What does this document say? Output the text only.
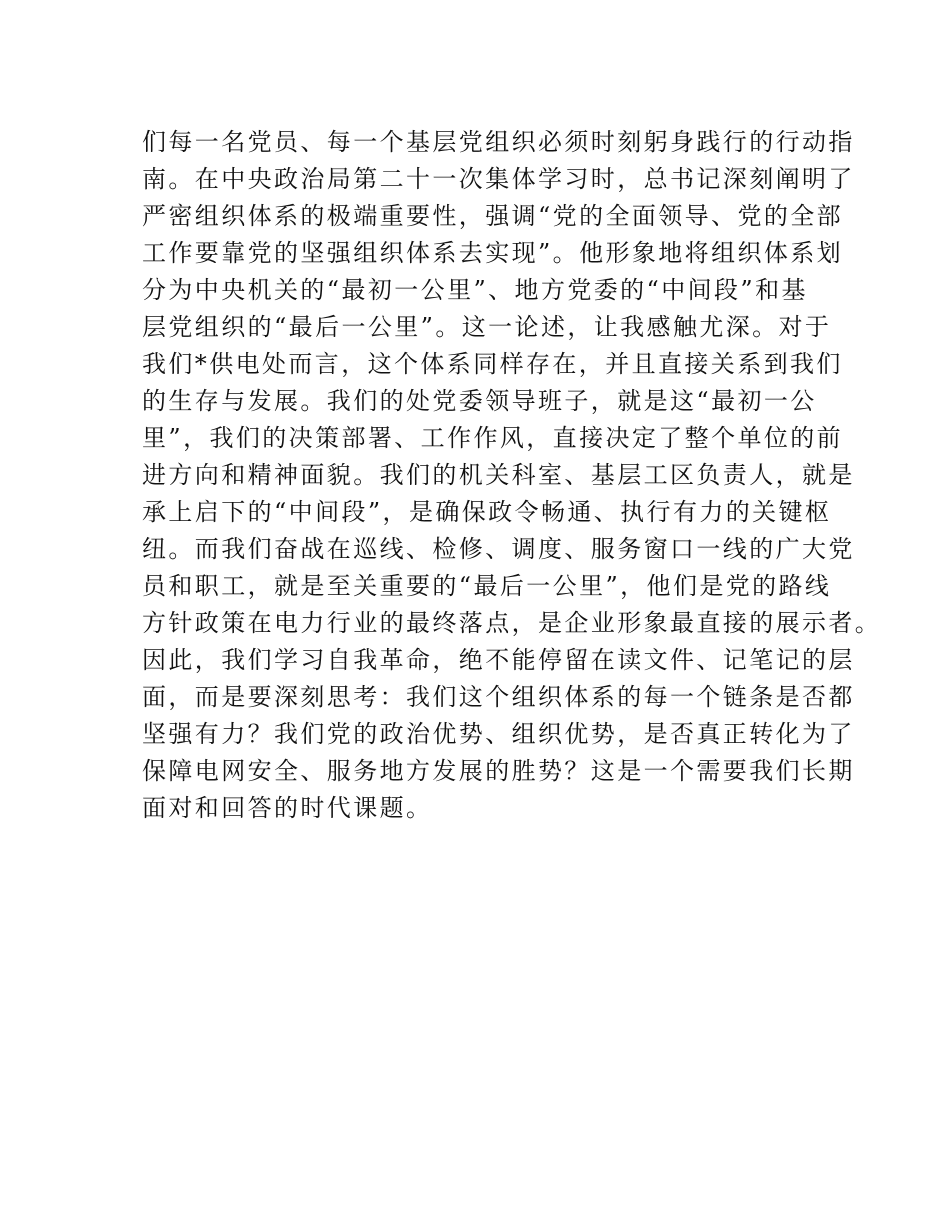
们每一名党员、每一个基层党组织必须时刻躬身践行的行动指
南。在中央政治局第二十一次集体学习时，总书记深刻阐明了
严密组织体系的极端重要性，强调“党的全面领导、党的全部
工作要靠党的坚强组织体系去实现”。他形象地将组织体系划
分为中央机关的“最初一公里”、地方党委的“中间段”和基
层党组织的“最后一公里”。这一论述，让我感触尤深。对于
我们*供电处而言，这个体系同样存在，并且直接关系到我们
的生存与发展。我们的处党委领导班子，就是这“最初一公
里”，我们的决策部署、工作作风，直接决定了整个单位的前
进方向和精神面貌。我们的机关科室、基层工区负责人，就是
承上启下的“中间段”，是确保政令畅通、执行有力的关键枢
纽。而我们奋战在巡线、检修、调度、服务窗口一线的广大党
员和职工，就是至关重要的“最后一公里”，他们是党的路线
方针政策在电力行业的最终落点，是企业形象最直接的展示者。
因此，我们学习自我革命，绝不能停留在读文件、记笔记的层
面，而是要深刻思考：我们这个组织体系的每一个链条是否都
坚强有力？我们党的政治优势、组织优势，是否真正转化为了
保障电网安全、服务地方发展的胜势？这是一个需要我们长期
面对和回答的时代课题。
